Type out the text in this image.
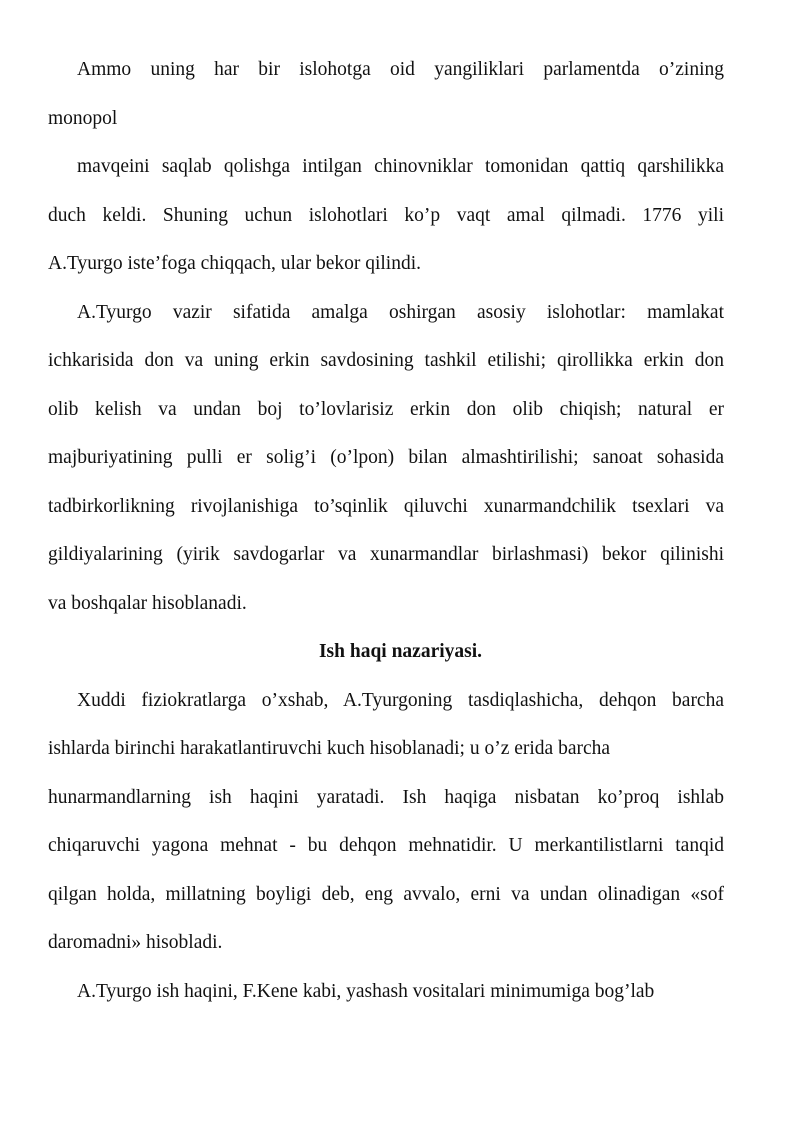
Ammo uning har bir islohotga oid yangiliklari parlamentda o’zining
monopol
mavqeini saqlab qolishga intilgan chinovniklar tomonidan qattiq qarshilikka
duch keldi. Shuning uchun islohotlari ko’p vaqt amal qilmadi. 1776 yili
A.Tyurgo iste’foga chiqqach, ular bekor qilindi.
A.Tyurgo vazir sifatida amalga oshirgan asosiy islohotlar: mamlakat
ichkarisida don va uning erkin savdosining tashkil etilishi; qirollikka erkin don
olib kelish va undan boj to’lovlarisiz erkin don olib chiqish; natural er
majburiyatining pulli er solig’i (o’lpon) bilan almashtirilishi; sanoat sohasida
tadbirkorlikning rivojlanishiga to’sqinlik qiluvchi xunarmandchilik tsexlari va
gildiyalarining (yirik savdogarlar va xunarmandlar birlashmasi) bekor qilinishi
va boshqalar hisoblanadi.
Ish haqi nazariyasi.
Xuddi fiziokratlarga o’xshab, A.Tyurgoning tasdiqlashicha, dehqon barcha
ishlarda birinchi harakatlantiruvchi kuch hisoblanadi; u o’z erida barcha
hunarmandlarning ish haqini yaratadi. Ish haqiga nisbatan ko’proq ishlab
chiqaruvchi yagona mehnat - bu dehqon mehnatidir. U merkantilistlarni tanqid
qilgan holda, millatning boyligi deb, eng avvalo, erni va undan olinadigan «sof
daromadni» hisobladi.
A.Tyurgo ish haqini, F.Kene kabi, yashash vositalari minimumiga bog’lab
